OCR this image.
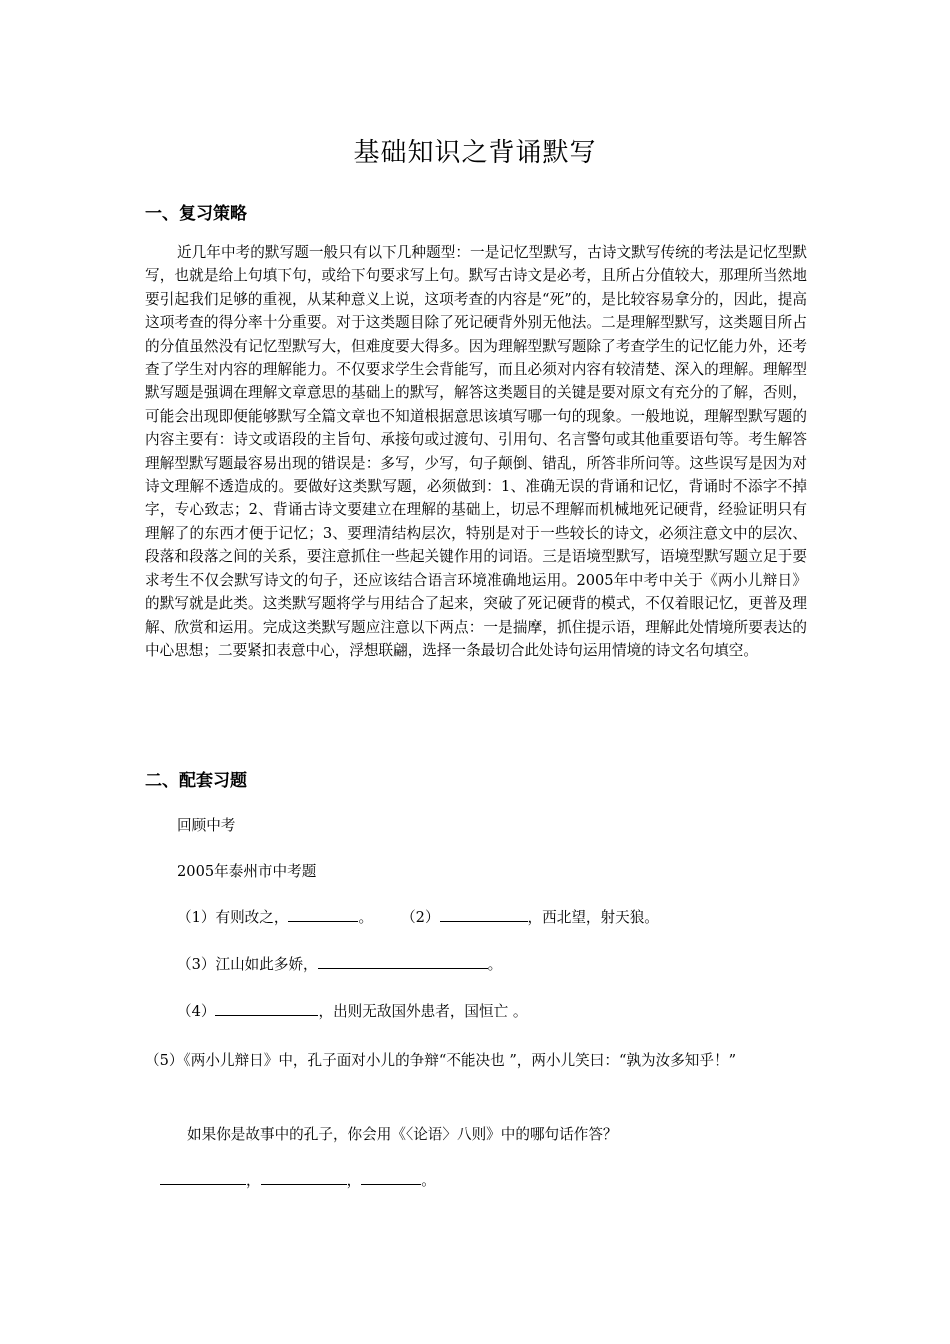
基础知识之背诵默写
一、复习策略
近几年中考的默写题一般只有以下几种题型：一是记忆型默写，古诗文默写传统的考法是记忆型默写，也就是给上句填下句，或给下句要求写上句。默写古诗文是必考，且所占分值较大，那理所当然地要引起我们足够的重视，从某种意义上说，这项考查的内容是“死”的，是比较容易拿分的，因此，提高这项考查的得分率十分重要。对于这类题目除了死记硬背外别无他法。二是理解型默写，这类题目所占的分值虽然没有记忆型默写大，但难度要大得多。因为理解型默写题除了考查学生的记忆能力外，还考查了学生对内容的理解能力。不仅要求学生会背能写，而且必须对内容有较清楚、深入的理解。理解型默写题是强调在理解文章意思的基础上的默写，解答这类题目的关键是要对原文有充分的了解，否则，可能会出现即便能够默写全篇文章也不知道根据意思该填写哪一句的现象。一般地说，理解型默写题的内容主要有：诗文或语段的主旨句、承接句或过渡句、引用句、名言警句或其他重要语句等。考生解答理解型默写题最容易出现的错误是：多写，少写，句子颠倒、错乱，所答非所问等。这些误写是因为对诗文理解不透造成的。要做好这类默写题，必须做到：1、准确无误的背诵和记忆，背诵时不添字不掉字，专心致志；2、背诵古诗文要建立在理解的基础上，切忌不理解而机械地死记硬背，经验证明只有理解了的东西才便于记忆；3、要理清结构层次，特别是对于一些较长的诗文，必须注意文中的层次、段落和段落之间的关系，要注意抓住一些起关键作用的词语。三是语境型默写，语境型默写题立足于要求考生不仅会默写诗文的句子，还应该结合语言环境准确地运用。2005年中考中关于《两小儿辩日》的默写就是此类。这类默写题将学与用结合了起来，突破了死记硬背的模式，不仅着眼记忆，更普及理解、欣赏和运用。完成这类默写题应注意以下两点：一是揣摩，抓住提示语，理解此处情境所要表达的中心思想；二要紧扣表意中心，浮想联翩，选择一条最切合此处诗句运用情境的诗文名句填空。
二、配套习题
回顾中考
2005年泰州市中考题
（1）有则改之，	。 （2）	，西北望，射天狼。
（3）江山如此多娇，	。
（4）	，出则无敌国外患者，国恒亡 。
（5）《两小儿辩日》中，孔子面对小儿的争辩“不能决也 ”，两小儿笑曰：“孰为汝多知乎！”
如果你是故事中的孔子，你会用《〈论语〉八则》中的哪句话作答？
，	，	。
